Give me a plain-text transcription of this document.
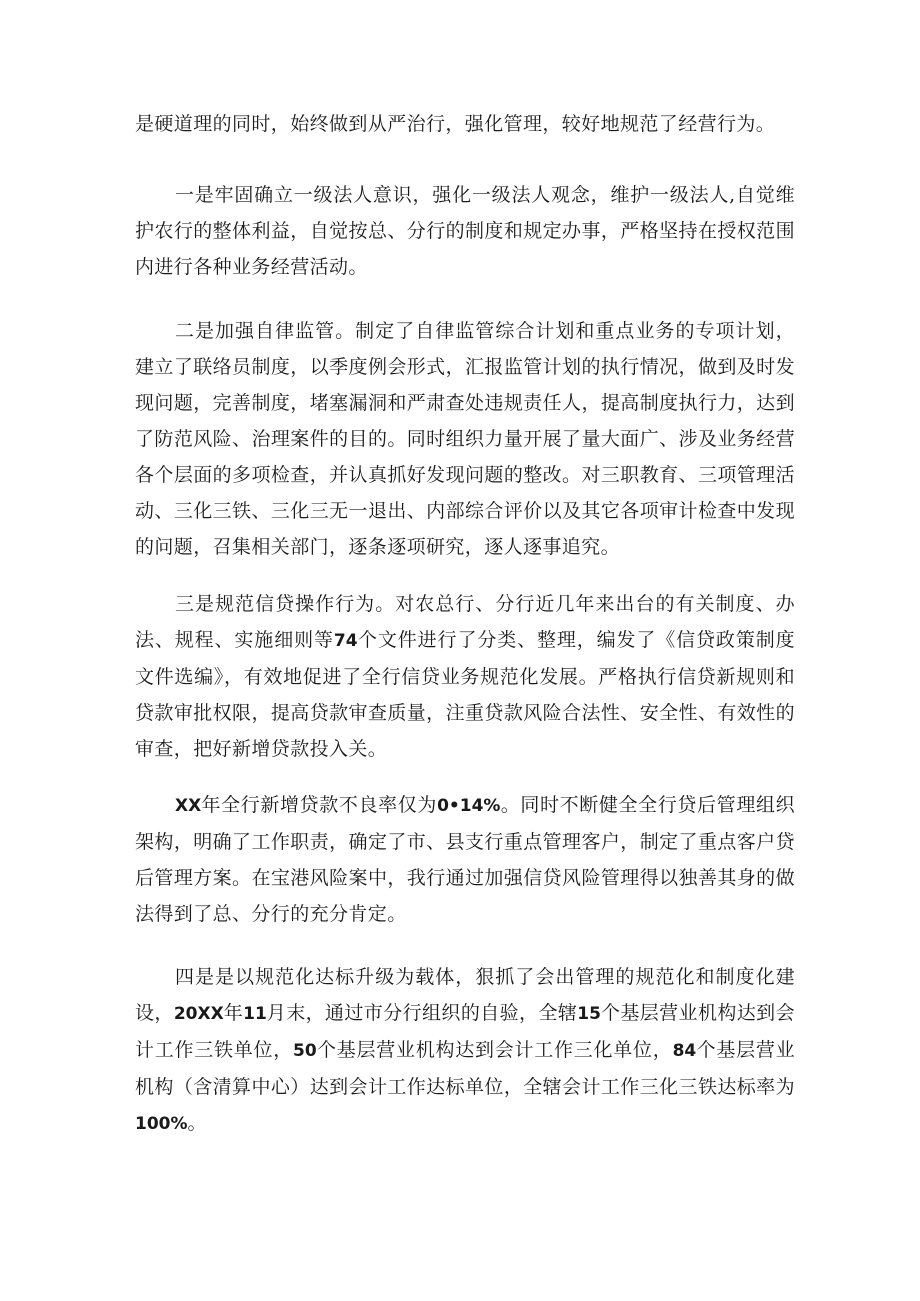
是硬道理的同时，始终做到从严治行，强化管理，较好地规范了经营行为。

一是牢固确立一级法人意识，强化一级法人观念，维护一级法人,自觉维护农行的整体利益，自觉按总、分行的制度和规定办事，严格坚持在授权范围内进行各种业务经营活动。

二是加强自律监管。制定了自律监管综合计划和重点业务的专项计划，建立了联络员制度，以季度例会形式，汇报监管计划的执行情况，做到及时发现问题，完善制度，堵塞漏洞和严肃查处违规责任人，提高制度执行力，达到了防范风险、治理案件的目的。同时组织力量开展了量大面广、涉及业务经营各个层面的多项检查，并认真抓好发现问题的整改。对三职教育、三项管理活动、三化三铁、三化三无一退出、内部综合评价以及其它各项审计检查中发现的问题，召集相关部门，逐条逐项研究，逐人逐事追究。

三是规范信贷操作行为。对农总行、分行近几年来出台的有关制度、办法、规程、实施细则等74个文件进行了分类、整理，编发了《信贷政策制度文件选编》，有效地促进了全行信贷业务规范化发展。严格执行信贷新规则和贷款审批权限，提高贷款审查质量，注重贷款风险合法性、安全性、有效性的审查，把好新增贷款投入关。

XX年全行新增贷款不良率仅为0•14%。同时不断健全全行贷后管理组织架构，明确了工作职责，确定了市、县支行重点管理客户，制定了重点客户贷后管理方案。在宝港风险案中，我行通过加强信贷风险管理得以独善其身的做法得到了总、分行的充分肯定。

四是是以规范化达标升级为载体，狠抓了会出管理的规范化和制度化建设，20XX年11月末，通过市分行组织的自验，全辖15个基层营业机构达到会计工作三铁单位，50个基层营业机构达到会计工作三化单位，84个基层营业机构（含清算中心）达到会计工作达标单位，全辖会计工作三化三铁达标率为100%。
